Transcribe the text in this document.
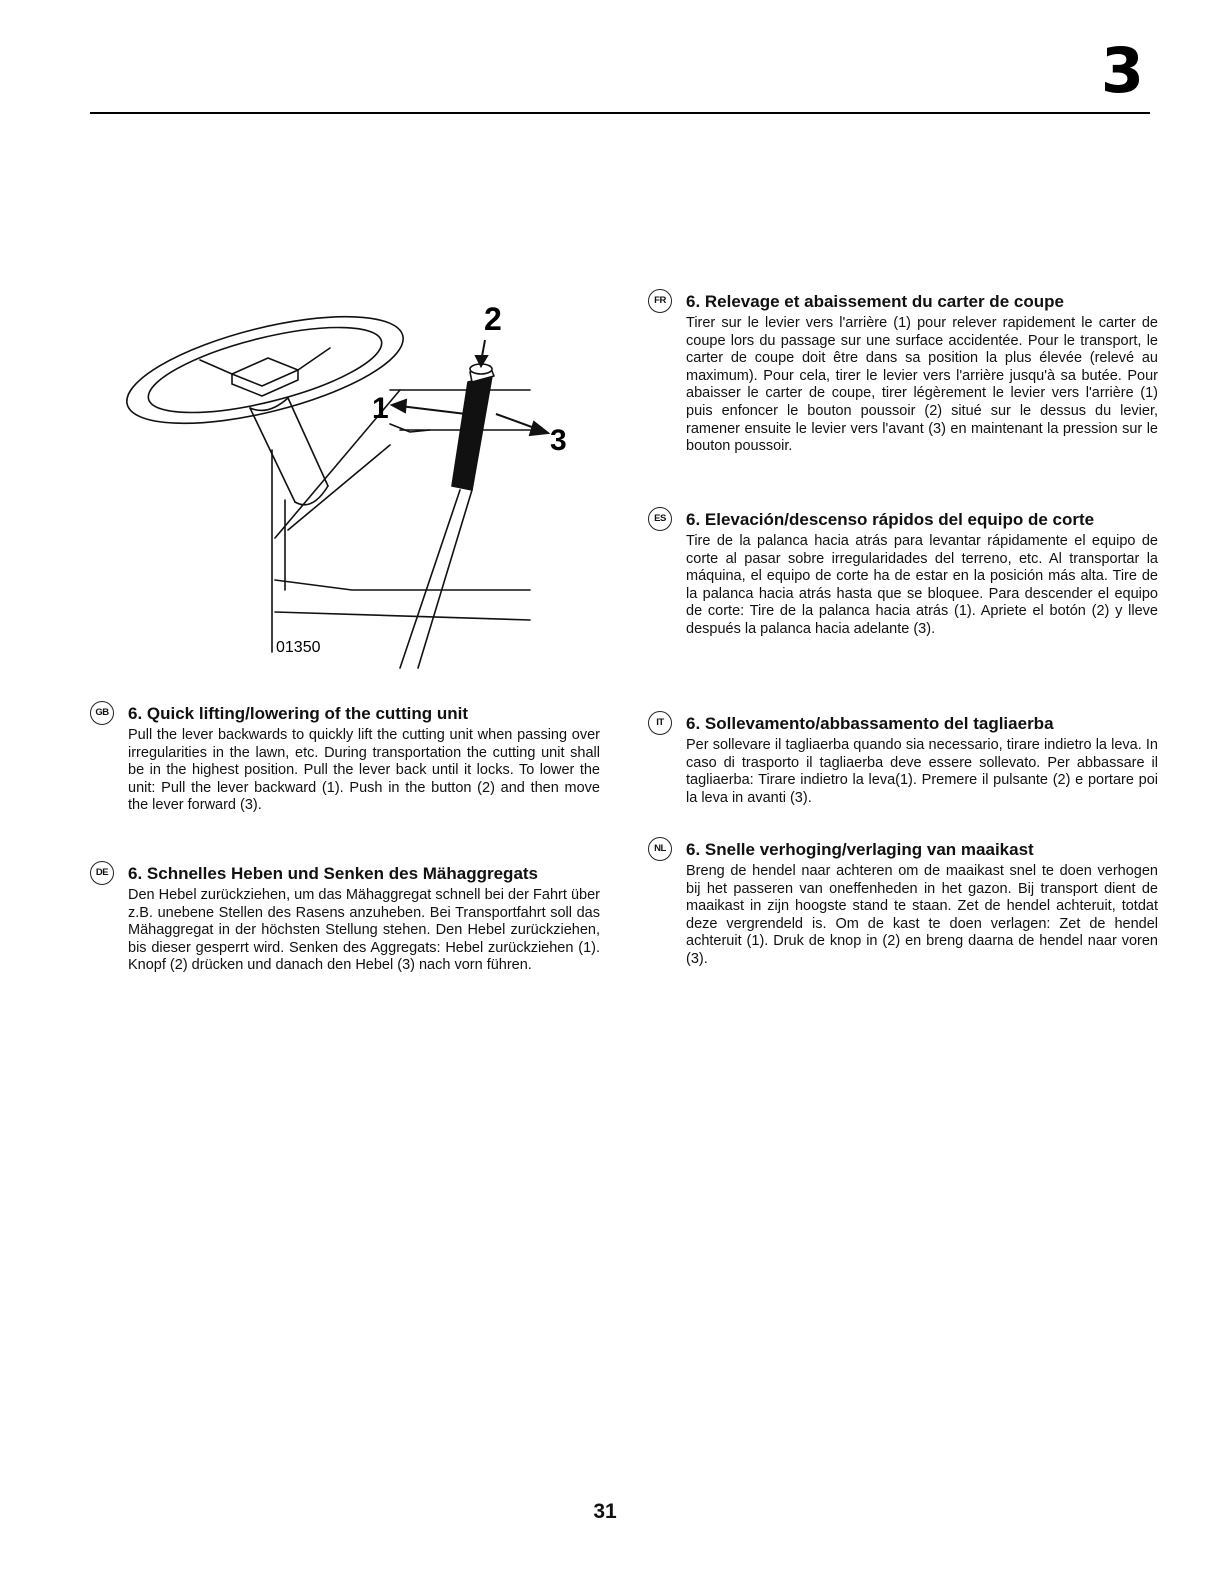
3
2
1
3
01350
GB	6. Quick lifting/lowering of the cutting unit

Pull the lever backwards to quickly lift the cutting unit when passing over irregularities in the lawn, etc. During transportation the cutting unit shall be in the highest position. Pull the lever back until it locks. To lower the unit: Pull the lever backward (1). Push in the button (2) and then move the lever forward (3).

DE	6. Schnelles Heben und Senken des Mähaggregats

Den Hebel zurückziehen, um das Mähaggregat schnell bei der Fahrt über z.B. unebene Stellen des Rasens anzuheben. Bei Transportfahrt soll das Mähaggregat in der höchsten Stellung stehen. Den Hebel zurückziehen, bis dieser gesperrt wird. Senken des Aggregats: Hebel zurückziehen (1). Knopf (2) drücken und danach den Hebel (3) nach vorn führen.

FR	6. Relevage et abaissement du carter de coupe

Tirer sur le levier vers l'arrière (1) pour relever rapidement le carter de coupe lors du passage sur une surface accidentée. Pour le transport, le carter de coupe doit être dans sa position la plus élevée (relevé au maximum). Pour cela, tirer le levier vers l'arrière jusqu'à sa butée. Pour abaisser le carter de coupe, tirer légèrement le levier vers l'arrière (1) puis enfoncer le bouton poussoir (2) situé sur le dessus du levier, ramener ensuite le levier vers l'avant (3) en maintenant la pression sur le bouton poussoir.

ES	6. Elevación/descenso rápidos del equipo de corte

Tire de la palanca hacia atrás para levantar rápidamente el equipo de corte al pasar sobre irregularidades del terreno, etc. Al transportar la máquina, el equipo de corte ha de estar en la posición más alta. Tire de la palanca hacia atrás hasta que se bloquee. Para descender el equipo de corte: Tire de la palanca hacia atrás (1). Apriete el botón (2) y lleve después la palanca hacia adelante (3).

IT	6. Sollevamento/abbassamento del tagliaerba

Per sollevare il tagliaerba quando sia necessario, tirare indietro la leva. In caso di trasporto il tagliaerba deve essere sollevato. Per abbassare il tagliaerba: Tirare indietro la leva(1). Premere il pulsante (2) e portare poi la leva in avanti (3).

NL	6. Snelle verhoging/verlaging van maaikast

Breng de hendel naar achteren om de maaikast snel te doen verhogen bij het passeren van oneffenheden in het gazon. Bij transport dient de maaikast in zijn hoogste stand te staan. Zet de hendel achteruit, totdat deze vergrendeld is. Om de kast te doen verlagen: Zet de hendel achteruit (1). Druk de knop in (2) en breng daarna de hendel naar voren (3).

31
